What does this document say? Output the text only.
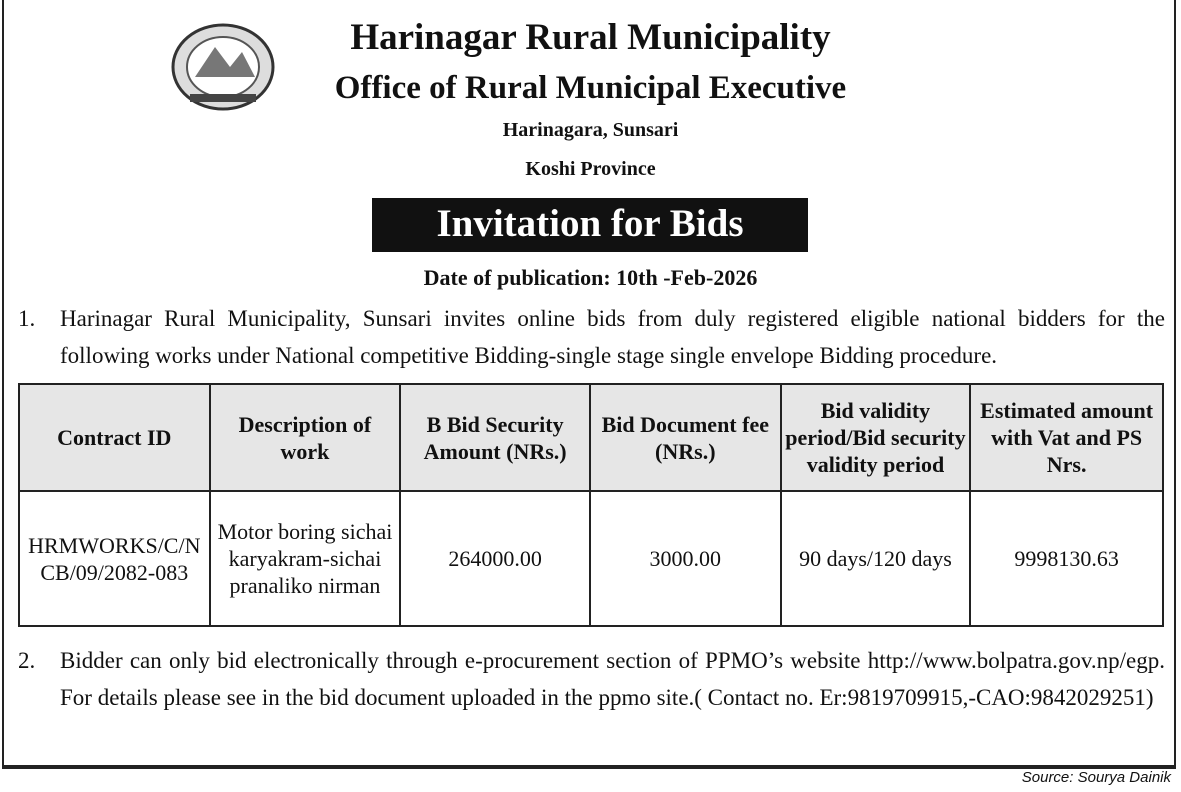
Harinagar Rural Municipality
Office of Rural Municipal Executive
Harinagara, Sunsari
Koshi Province
Invitation for Bids
Date of publication: 10th -Feb-2026
1. Harinagar Rural Municipality, Sunsari invites online bids from duly registered eligible national bidders for the following works under National competitive Bidding-single stage single envelope Bidding procedure.
Contract ID	Description of work	B Bid Security Amount (NRs.)	Bid Document fee (NRs.)	Bid validity period/Bid security validity period	Estimated amount with Vat and PS Nrs.
HRMWORKS/C/NCB/09/2082-083	Motor boring sichai karyakram-sichai pranaliko nirman	264000.00	3000.00	90 days/120 days	9998130.63
2. Bidder can only bid electronically through e-procurement section of PPMO’s website http://www.bolpatra.gov.np/egp. For details please see in the bid document uploaded in the ppmo site.( Contact no. Er:9819709915,-CAO:9842029251)
Source: Sourya Dainik
